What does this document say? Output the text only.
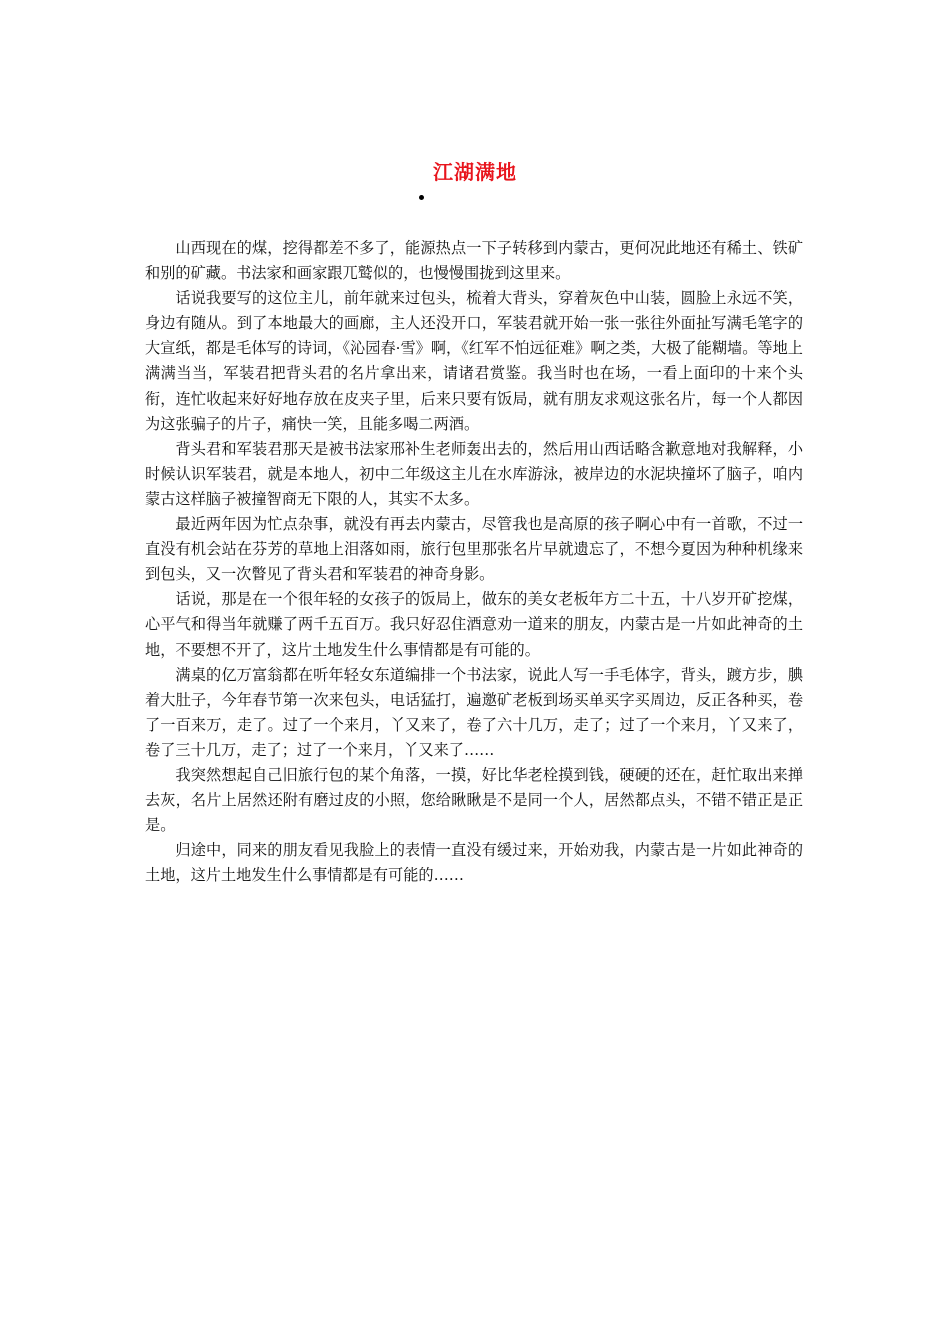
江湖满地

山西现在的煤，挖得都差不多了，能源热点一下子转移到内蒙古，更何况此地还有稀土、铁矿和别的矿藏。书法家和画家跟兀鹫似的，也慢慢围拢到这里来。

话说我要写的这位主儿，前年就来过包头，梳着大背头，穿着灰色中山装，圆脸上永远不笑，身边有随从。到了本地最大的画廊，主人还没开口，军装君就开始一张一张往外面扯写满毛笔字的大宣纸，都是毛体写的诗词，《沁园春·雪》啊，《红军不怕远征难》啊之类，大极了能糊墙。等地上满满当当，军装君把背头君的名片拿出来，请诸君赏鉴。我当时也在场，一看上面印的十来个头衔，连忙收起来好好地存放在皮夹子里，后来只要有饭局，就有朋友求观这张名片，每一个人都因为这张骗子的片子，痛快一笑，且能多喝二两酒。

背头君和军装君那天是被书法家邢补生老师轰出去的，然后用山西话略含歉意地对我解释，小时候认识军装君，就是本地人，初中二年级这主儿在水库游泳，被岸边的水泥块撞坏了脑子，咱内蒙古这样脑子被撞智商无下限的人，其实不太多。

最近两年因为忙点杂事，就没有再去内蒙古，尽管我也是高原的孩子啊心中有一首歌，不过一直没有机会站在芬芳的草地上泪落如雨，旅行包里那张名片早就遗忘了，不想今夏因为种种机缘来到包头，又一次瞥见了背头君和军装君的神奇身影。

话说，那是在一个很年轻的女孩子的饭局上，做东的美女老板年方二十五，十八岁开矿挖煤，心平气和得当年就赚了两千五百万。我只好忍住酒意劝一道来的朋友，内蒙古是一片如此神奇的土地，不要想不开了，这片土地发生什么事情都是有可能的。

满桌的亿万富翁都在听年轻女东道编排一个书法家，说此人写一手毛体字，背头，踱方步，腆着大肚子，今年春节第一次来包头，电话猛打，遍邀矿老板到场买单买字买周边，反正各种买，卷了一百来万，走了。过了一个来月，丫又来了，卷了六十几万，走了；过了一个来月，丫又来了，卷了三十几万，走了；过了一个来月，丫又来了……

我突然想起自己旧旅行包的某个角落，一摸，好比华老栓摸到钱，硬硬的还在，赶忙取出来掸去灰，名片上居然还附有磨过皮的小照，您给瞅瞅是不是同一个人，居然都点头，不错不错正是正是。

归途中，同来的朋友看见我脸上的表情一直没有缓过来，开始劝我，内蒙古是一片如此神奇的土地，这片土地发生什么事情都是有可能的……
